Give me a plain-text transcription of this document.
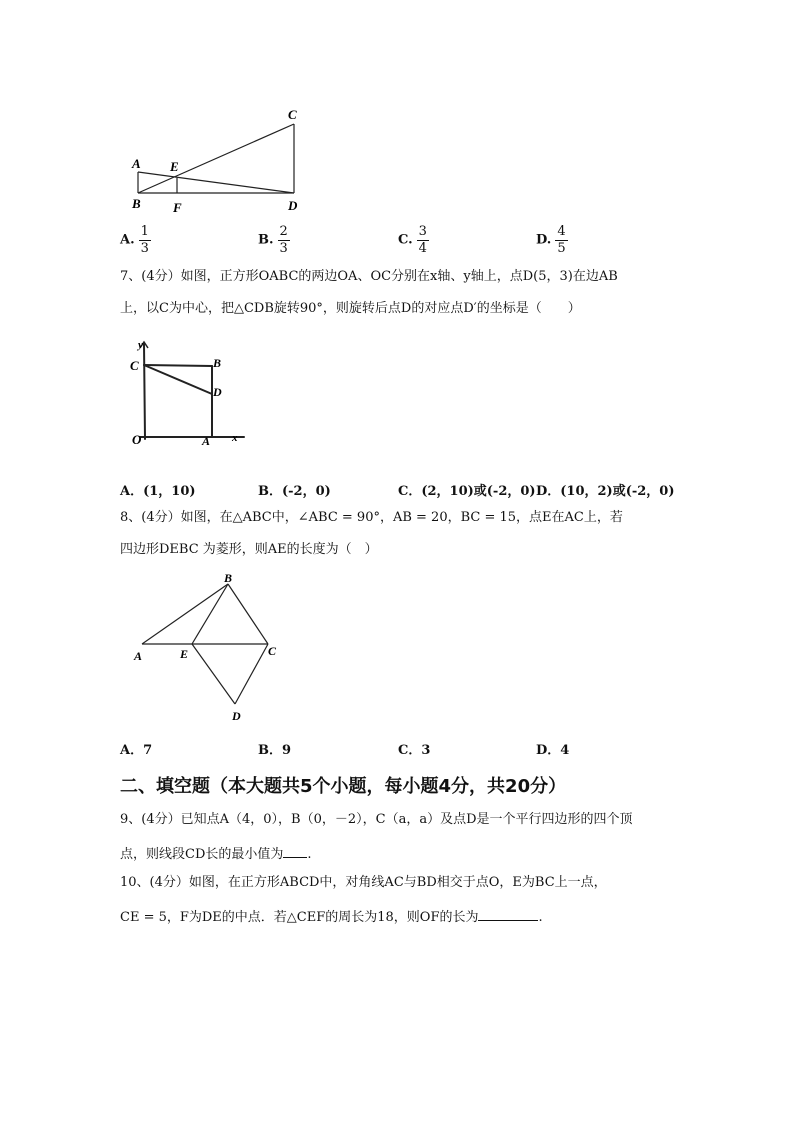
A E
B F
C
D
A. $\frac{1}{3}$	B. $\frac{2}{3}$	C. $\frac{3}{4}$	D. $\frac{4}{5}$
7、(4分）如图，正方形OABC的两边OA、OC分别在x轴、y轴上，点D(5，3)在边AB
上，以C为中心，把△CDB旋转90°，则旋转后点D的对应点D′的坐标是（　　）
y
C	B
D
O	A x
A．(1，10)	B．(-2，0)	C．(2，10)或(-2，0) D．(10，2)或(-2，0)
8、(4分）如图，在△ABC中，∠ABC = 90°，AB = 20，BC = 15，点E在AC上，若
四边形DEBC 为菱形，则AE的长度为（　）
B
A	E	C
D
A．7	B．9	C．3	D．4
二、填空题（本大题共5个小题，每小题4分，共20分）
9、(4分）已知点A（4，0），B（0，－2），C（a，a）及点D是一个平行四边形的四个顶
点，则线段CD长的最小值为 .
10、(4分）如图，在正方形ABCD中，对角线AC与BD相交于点O，E为BC上一点，
CE = 5，F为DE的中点．若△CEF的周长为18，则OF的长为	.
